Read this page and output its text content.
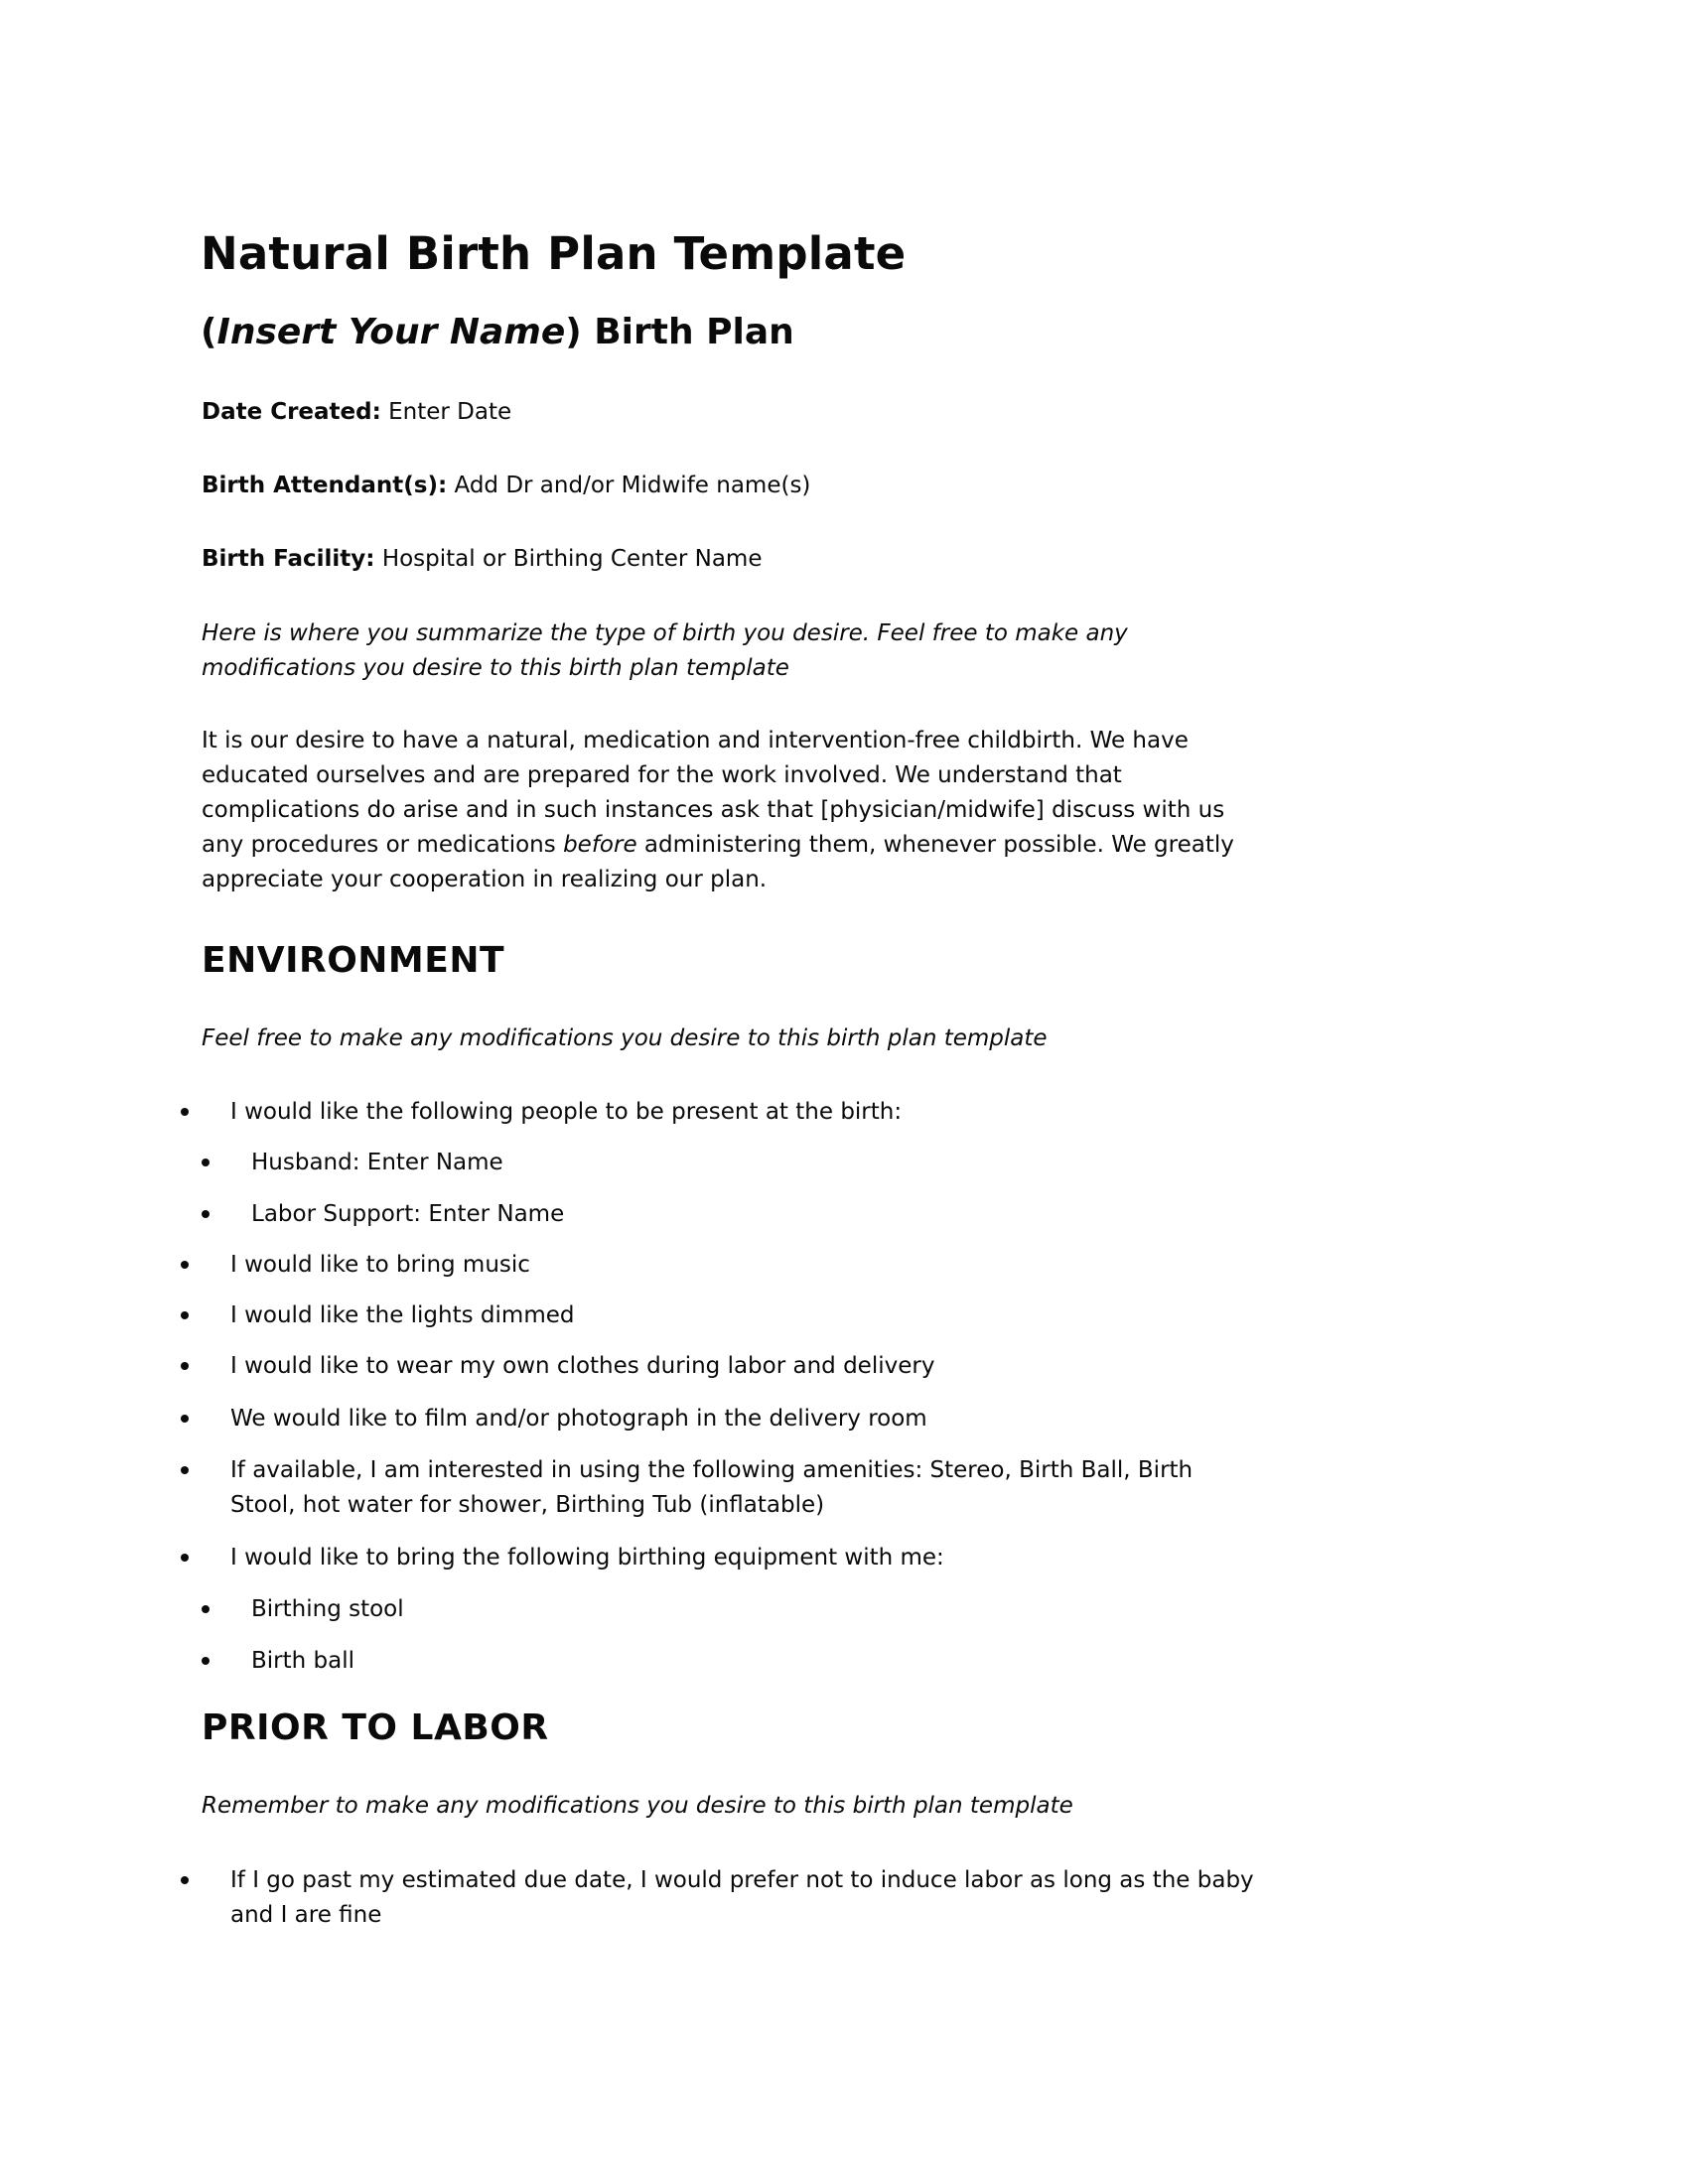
Natural Birth Plan Template
(Insert Your Name) Birth Plan
Date Created: Enter Date
Birth Attendant(s): Add Dr and/or Midwife name(s)
Birth Facility: Hospital or Birthing Center Name
Here is where you summarize the type of birth you desire. Feel free to make any
modifications you desire to this birth plan template
It is our desire to have a natural, medication and intervention-free childbirth. We have
educated ourselves and are prepared for the work involved. We understand that
complications do arise and in such instances ask that [physician/midwife] discuss with us
any procedures or medications before administering them, whenever possible. We greatly
appreciate your cooperation in realizing our plan.
ENVIRONMENT
Feel free to make any modifications you desire to this birth plan template
I would like the following people to be present at the birth:
Husband: Enter Name
Labor Support: Enter Name
I would like to bring music
I would like the lights dimmed
I would like to wear my own clothes during labor and delivery
We would like to film and/or photograph in the delivery room
If available, I am interested in using the following amenities: Stereo, Birth Ball, Birth
Stool, hot water for shower, Birthing Tub (inflatable)
I would like to bring the following birthing equipment with me:
Birthing stool
Birth ball
PRIOR TO LABOR
Remember to make any modifications you desire to this birth plan template
If I go past my estimated due date, I would prefer not to induce labor as long as the baby
and I are fine
